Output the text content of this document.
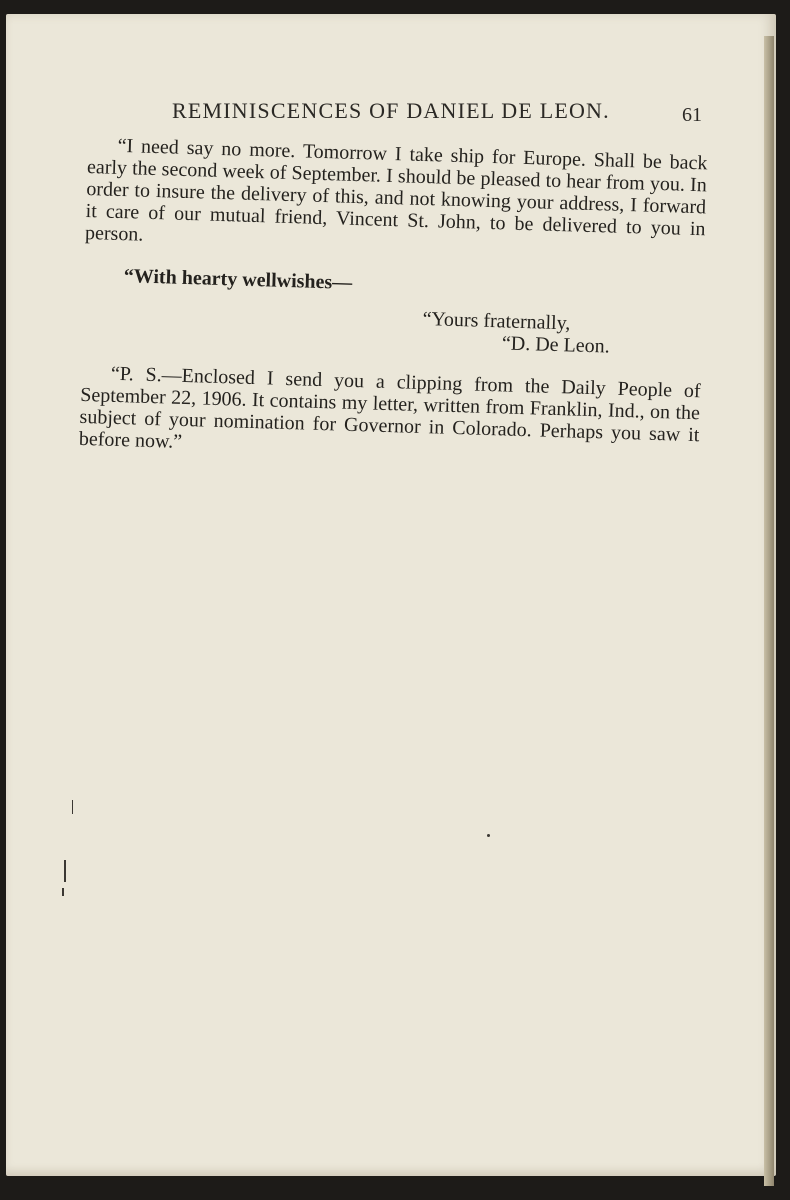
REMINISCENCES OF DANIEL DE LEON.	61

“I need say no more. Tomorrow I take ship for Europe. Shall be back early the second week of September. I should be pleased to hear from you. In order to insure the delivery of this, and not knowing your address, I forward it care of our mutual friend, Vincent St. John, to be delivered to you in person.

“With hearty wellwishes—

“Yours fraternally,

“D. De Leon.

“P. S.—Enclosed I send you a clipping from the Daily People of September 22, 1906. It contains my letter, written from Franklin, Ind., on the subject of your nomination for Governor in Colorado. Perhaps you saw it before now.”
